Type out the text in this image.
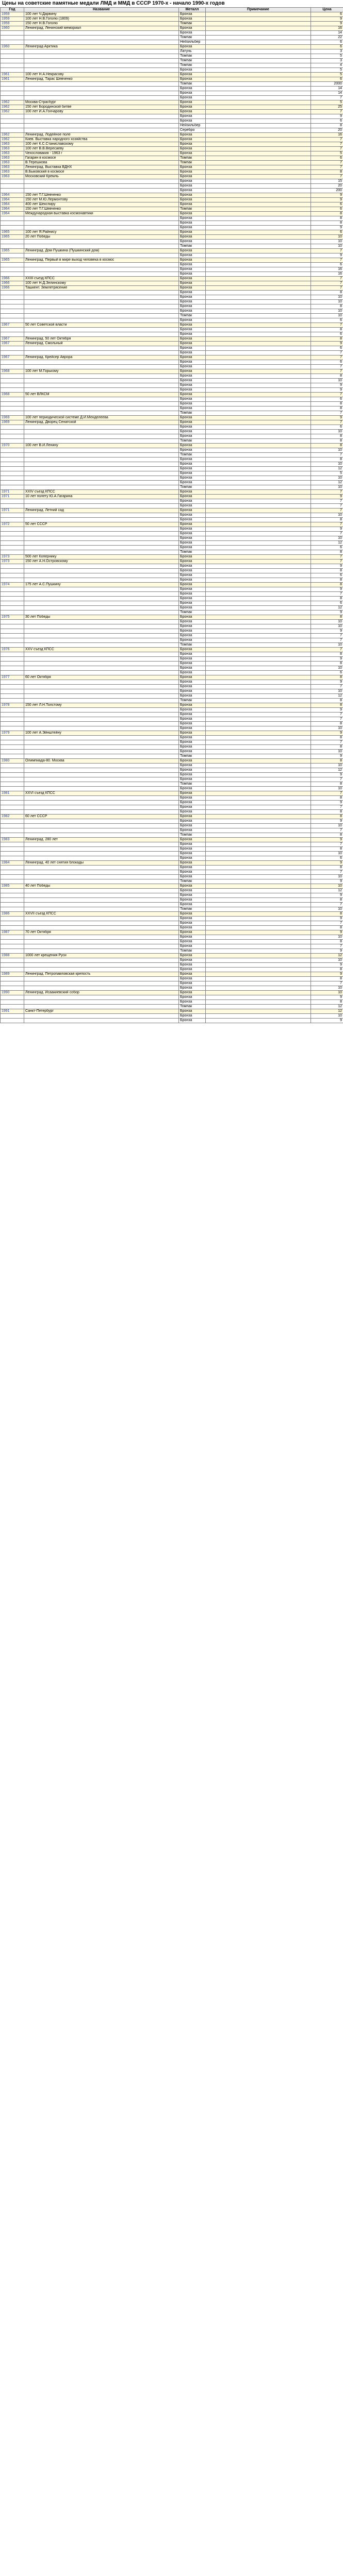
Цены на советские памятные медали ЛМД и ММД в СССР 1970-х - начало 1990-х годов
Год	Название	Металл	Примечание	Цена
1959	100 лет Ч.Дарвину	Бронза		6
1959	100 лет Н.В.Гоголю (1809)	Бронза		9
1959	150 лет Н.В.Гоголю	Томпак		9
1960	Ленинград. Ленинский мемориал	Бронза		16
		Бронза		14
		Томпак		22
		Нейзильбер		6
1960	Ленинград-Арктика	Бронза		6
		Латунь		3
		Томпак		5
		Томпак		3
		Томпак		4
		Бронза		5
1961	100 лет Н.А.Некрасову	Бронза		5
1961	Ленинград. Тарас Шевченко	Бронза		6
		Томпак		2000
		Бронза		14
		Бронза		14
		Бронза		7
1962	Москва-Страсбург	Бронза		5
1962	150 лет Бородинской битве	Бронза		25
1962	100 лет И.А.Гончарову	Бронза		7
		Бронза		9
		Бронза		6
		Нейзильбер		8
		Серебро		20
1962	Ленинград. Лодейное поле	Бронза		16
1962	Киев. Выставка народного хозяйства	Бронза		7
1963	100 лет К.С.Станиславскому	Бронза		7
1963	100 лет В.В.Вересаеву	Бронза		7
1963	Чехословакия - 1963 г	Бронза		5
1963	Гагарин в космосе	Томпак		6
1963	В.Терешкова	Томпак		7
1963	Ленинград. Выставка ВДНХ	Бронза		7
1963	В.Быковский в космосе	Бронза		8
1963	Московский Кремль	Бронза		7
		Бронза		15
		Бронза		20
		Бронза		200
1964	150 лет Т.Г.Шевченко	Бронза		9
1964	150 лет М.Ю.Лермонтову	Бронза		9
1964	400 лет Шекспиру	Бронза		6
1964	150 лет Т.Г.Шевченко	Томпак		6
1964	Международная выставка космонавтики	Бронза		8
		Бронза		8
		Бронза		8
		Бронза		9
1965	100 лет Я.Райнису	Бронза		6
1965	20 лет Победы	Бронза		10
		Бронза		10
		Томпак		10
1965	Ленинград. Дом Пушкина (Пушкинский дом)	Бронза		7
		Бронза		9
1965	Ленинград. Первый в мире выход человека в космос	Бронза		7
		Бронза		6
		Бронза		16
		Бронза		16
1966	XXIII съезд КПСС	Бронза		7
1966	100 лет Н.Д.Зелинскому	Бронза		7
1966	Ташкент. Землетрясение	Бронза		7
		Бронза		8
		Бронза		10
		Бронза		10
		Бронза		8
		Бронза		10
		Томпак		10
		Бронза		6
1967	50 лет Советской власти	Бронза		7
		Бронза		8
		Бронза		6
1967	Ленинград. 50 лет Октября	Бронза		8
1967	Ленинград. Смольный	Бронза		9
		Бронза		6
		Бронза		7
1967	Ленинград. Крейсер Аврора	Бронза		7
		Бронза		6
		Бронза		7
1968	100 лет М.Горькому	Бронза		7
		Бронза		8
		Бронза		10
		Бронза		9
		Бронза		9
1968	50 лет ВЛКСМ	Бронза		7
		Бронза		6
		Бронза		8
		Бронза		8
		Томпак		7
1969	100 лет периодической системе Д.И.Менделеева	Бронза		9
1969	Ленинград. Дворец Сенатской	Бронза		7
		Бронза		6
		Бронза		10
		Бронза		8
		Томпак		8
1970	100 лет В.И.Ленину	Бронза		8
		Бронза		10
		Томпак		7
		Бронза		8
		Бронза		10
		Бронза		12
		Бронза		5
		Бронза		10
		Бронза		12
		Томпак		10
1971	XXIV съезд КПСС	Бронза		7
1971	10 лет полету Ю.А.Гагарина	Бронза		9
		Бронза		7
		Бронза		7
1971	Ленинград. Летний сад	Бронза		7
		Бронза		10
		Бронза		8
1972	50 лет СССР	Бронза		7
		Бронза		9
		Бронза		7
		Бронза		10
		Бронза		12
		Бронза		6
		Томпак		8
1973	500 лет Копернику	Бронза		7
1973	150 лет А.Н.Островскому	Бронза		7
		Бронза		9
		Бронза		8
		Бронза		6
		Бронза		8
1974	175 лет А.С.Пушкину	Бронза		8
		Бронза		9
		Бронза		7
		Бронза		8
		Бронза		6
		Бронза		12
		Томпак		9
1975	30 лет Победы	Бронза		8
		Бронза		10
		Бронза		10
		Бронза		9
		Бронза		7
		Бронза		7
		Томпак		10
1976	XXV съезд КПСС	Бронза		7
		Бронза		8
		Бронза		9
		Бронза		8
		Бронза		10
		Бронза		6
1977	60 лет Октября	Бронза		8
		Бронза		9
		Бронза		7
		Бронза		10
		Бронза		12
		Томпак		8
1978	150 лет Л.Н.Толстому	Бронза		8
		Бронза		9
		Бронза		7
		Бронза		7
		Бронза		8
		Бронза		10
1979	100 лет А.Эйнштейну	Бронза		9
		Бронза		8
		Бронза		7
		Бронза		8
		Бронза		10
		Томпак		9
1980	Олимпиада-80. Москва	Бронза		8
		Бронза		10
		Бронза		12
		Бронза		9
		Бронза		7
		Томпак		8
		Бронза		10
1981	XXVI съезд КПСС	Бронза		7
		Бронза		8
		Бронза		9
		Бронза		7
		Бронза		8
1982	60 лет СССР	Бронза		8
		Бронза		9
		Бронза		10
		Бронза		7
		Томпак		8
1983	Ленинград. 280 лет	Бронза		9
		Бронза		7
		Бронза		8
		Бронза		10
		Бронза		6
1984	Ленинград. 40 лет снятия блокады	Бронза		9
		Бронза		8
		Бронза		7
		Бронза		10
		Томпак		9
1985	40 лет Победы	Бронза		10
		Бронза		12
		Бронза		9
		Бронза		8
		Бронза		7
		Томпак		10
1986	XXVII съезд КПСС	Бронза		8
		Бронза		9
		Бронза		7
		Бронза		8
1987	70 лет Октября	Бронза		9
		Бронза		10
		Бронза		8
		Бронза		7
		Томпак		9
1988	1000 лет крещения Руси	Бронза		12
		Бронза		10
		Бронза		9
		Бронза		8
1989	Ленинград. Петропавловская крепость	Бронза		9
		Бронза		8
		Бронза		7
		Бронза		10
1990	Ленинград. Исаакиевский собор	Бронза		10
		Бронза		9
		Бронза		8
		Томпак		12
1991	Санкт-Петербург	Бронза		12
		Бронза		10
		Бронза		9
